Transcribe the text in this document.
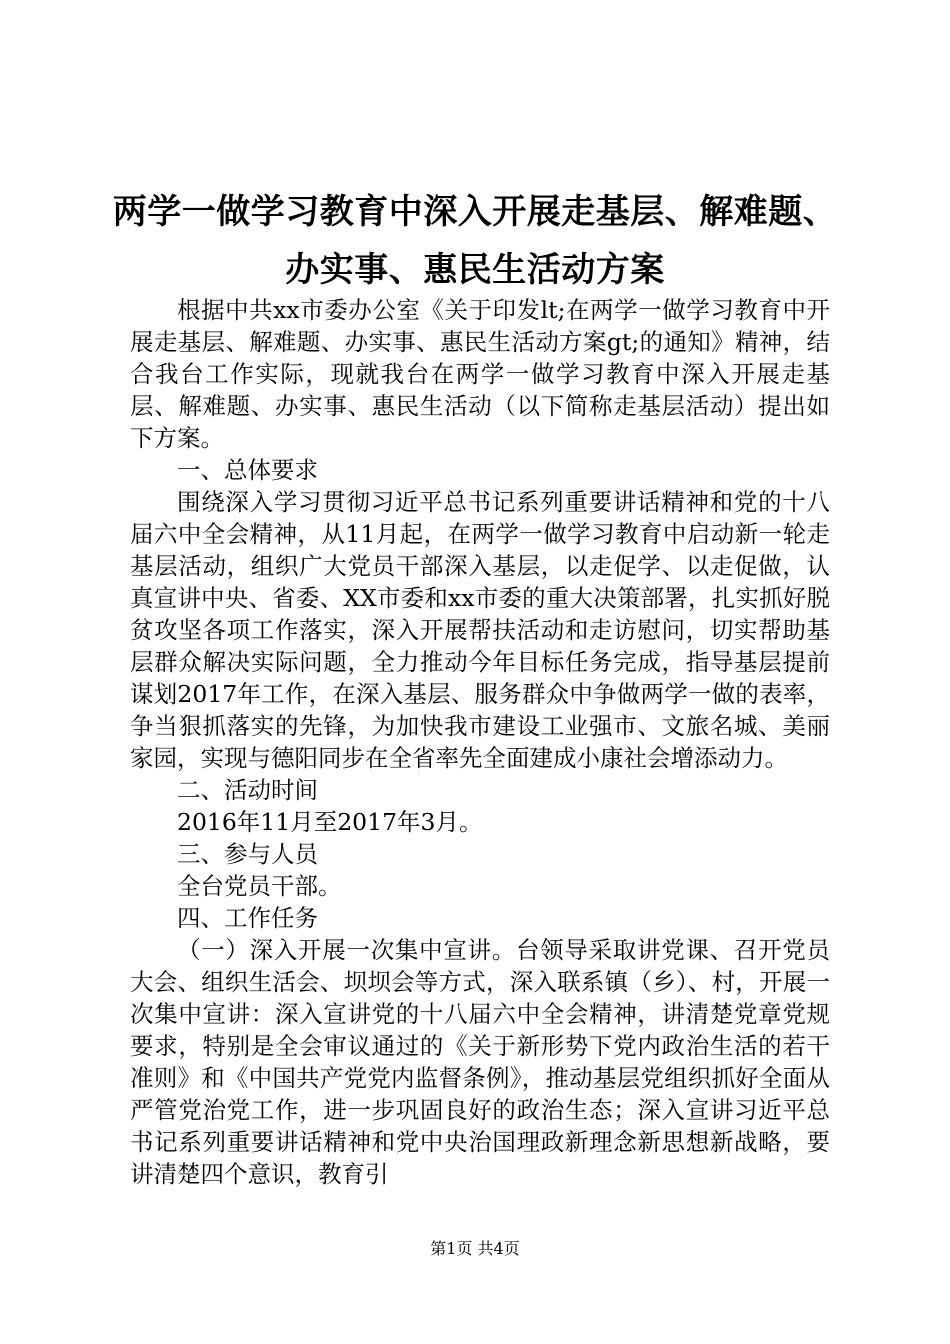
两学一做学习教育中深入开展走基层、解难题、
办实事、惠民生活动方案

根据中共xx市委办公室《关于印发lt;在两学一做学习教育中开展走基层、解难题、办实事、惠民生活动方案gt;的通知》精神，结合我台工作实际，现就我台在两学一做学习教育中深入开展走基层、解难题、办实事、惠民生活动（以下简称走基层活动）提出如下方案。

一、总体要求

围绕深入学习贯彻习近平总书记系列重要讲话精神和党的十八届六中全会精神，从11月起，在两学一做学习教育中启动新一轮走基层活动，组织广大党员干部深入基层，以走促学、以走促做，认真宣讲中央、省委、XX市委和xx市委的重大决策部署，扎实抓好脱贫攻坚各项工作落实，深入开展帮扶活动和走访慰问，切实帮助基层群众解决实际问题，全力推动今年目标任务完成，指导基层提前谋划2017年工作，在深入基层、服务群众中争做两学一做的表率，争当狠抓落实的先锋，为加快我市建设工业强市、文旅名城、美丽家园，实现与德阳同步在全省率先全面建成小康社会增添动力。

二、活动时间

2016年11月至2017年3月。

三、参与人员

全台党员干部。

四、工作任务

（一）深入开展一次集中宣讲。台领导采取讲党课、召开党员大会、组织生活会、坝坝会等方式，深入联系镇（乡）、村，开展一次集中宣讲：深入宣讲党的十八届六中全会精神，讲清楚党章党规要求，特别是全会审议通过的《关于新形势下党内政治生活的若干准则》和《中国共产党党内监督条例》，推动基层党组织抓好全面从严管党治党工作，进一步巩固良好的政治生态；深入宣讲习近平总书记系列重要讲话精神和党中央治国理政新理念新思想新战略，要讲清楚四个意识，教育引

第1页 共4页
